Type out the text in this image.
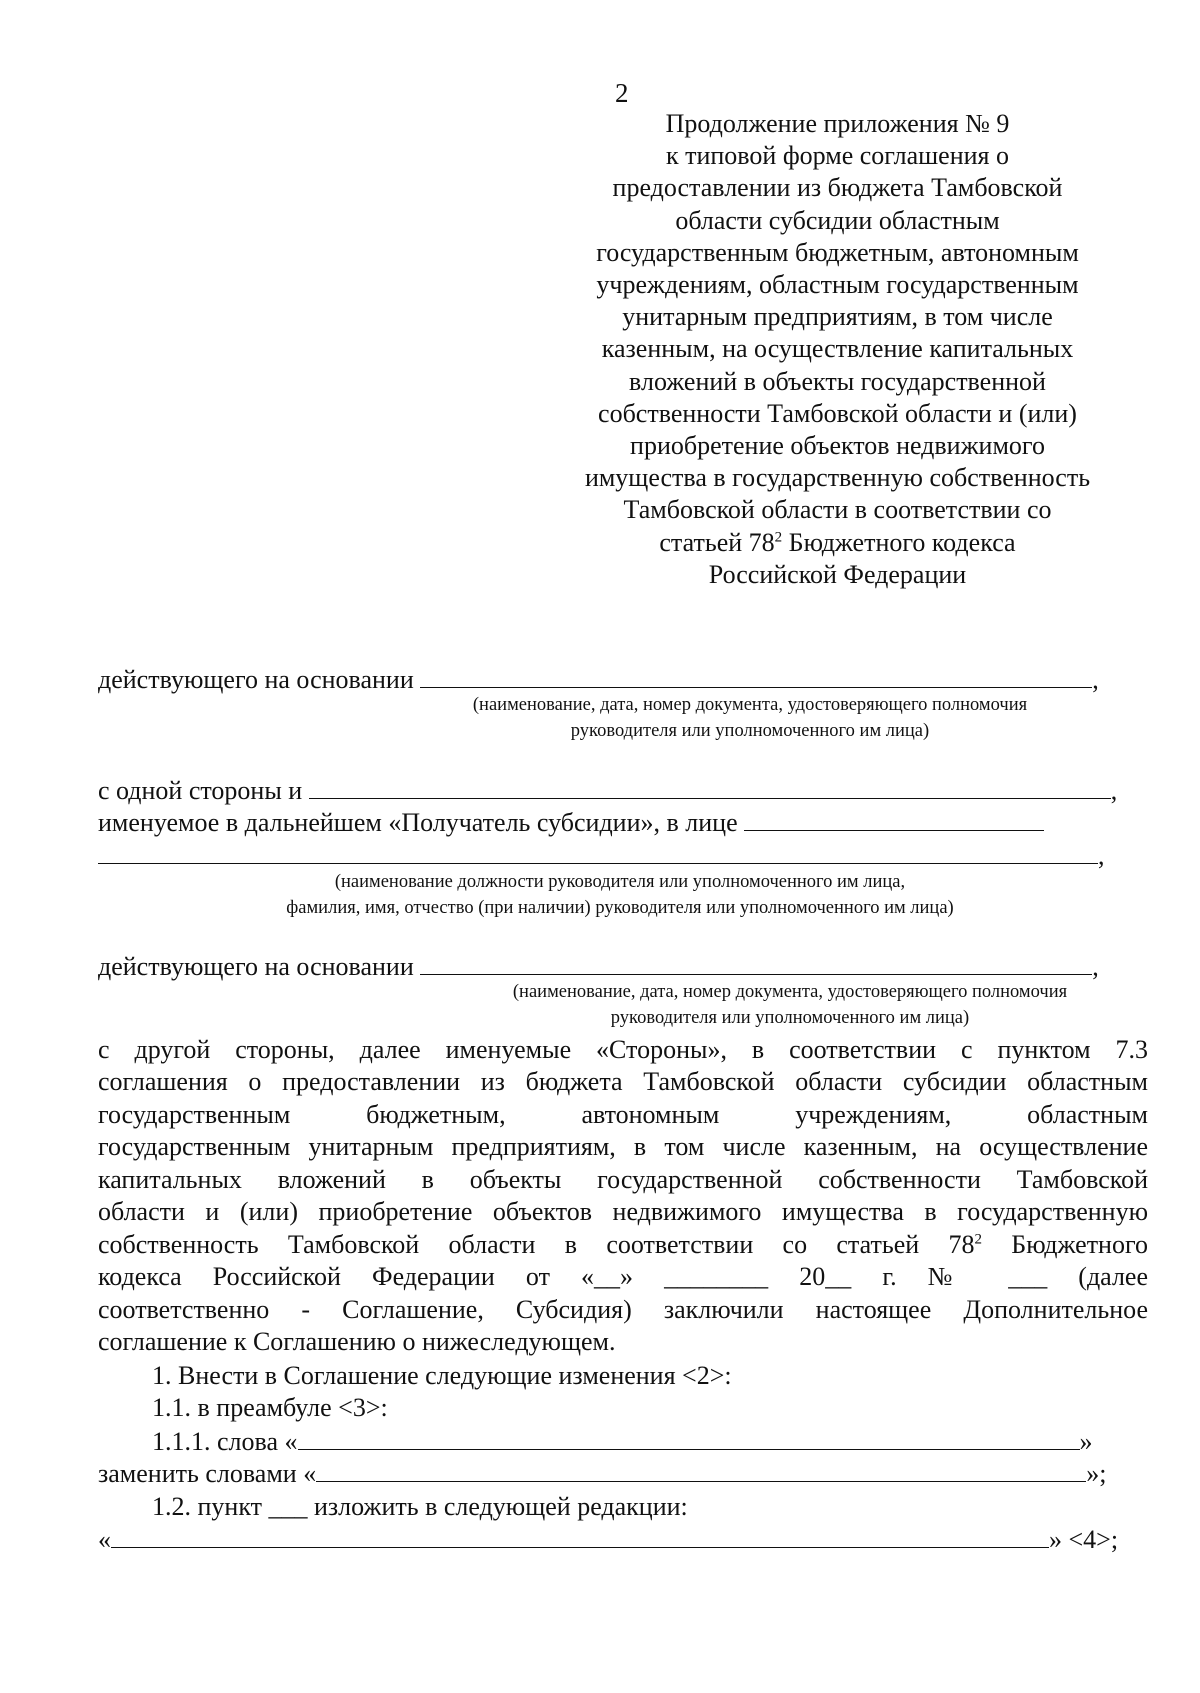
2
Продолжение приложения № 9
к типовой форме соглашения о
предоставлении из бюджета Тамбовской
области субсидии областным
государственным бюджетным, автономным
учреждениям, областным государственным
унитарным предприятиям, в том числе
казенным, на осуществление капитальных
вложений в объекты государственной
собственности Тамбовской области и (или)
приобретение объектов недвижимого
имущества в государственную собственность
Тамбовской области в соответствии со
статьей $78^2$ Бюджетного кодекса
Российской Федерации
действующего на основании	,
(наименование, дата, номер документа, удостоверяющего полномочия
руководителя или уполномоченного им лица)
с одной стороны и	,
именуемое в дальнейшем «Получатель субсидии», в лице
,
(наименование должности руководителя или уполномоченного им лица,
фамилия, имя, отчество (при наличии) руководителя или уполномоченного им лица)
действующего на основании	,
(наименование, дата, номер документа, удостоверяющего полномочия
руководителя или уполномоченного им лица)
с другой стороны, далее именуемые «Стороны», в соответствии с пунктом 7.3
соглашения о предоставлении из бюджета Тамбовской области субсидии областным
государственным бюджетным, автономным учреждениям, областным
государственным унитарным предприятиям, в том числе казенным, на осуществление
капитальных вложений в объекты государственной собственности Тамбовской
области и (или) приобретение объектов недвижимого имущества в государственную
собственность Тамбовской области в соответствии со статьей $78^2$ Бюджетного
кодекса Российской Федерации от «__» ________ 20__ г. № ___ (далее
соответственно - Соглашение, Субсидия) заключили настоящее Дополнительное
соглашение к Соглашению о нижеследующем.
1. Внести в Соглашение следующие изменения <2>:
1.1. в преамбуле <3>:
1.1.1. слова «	»
заменить словами «	»;
1.2. пункт ___ изложить в следующей редакции:
«	» <4>;
